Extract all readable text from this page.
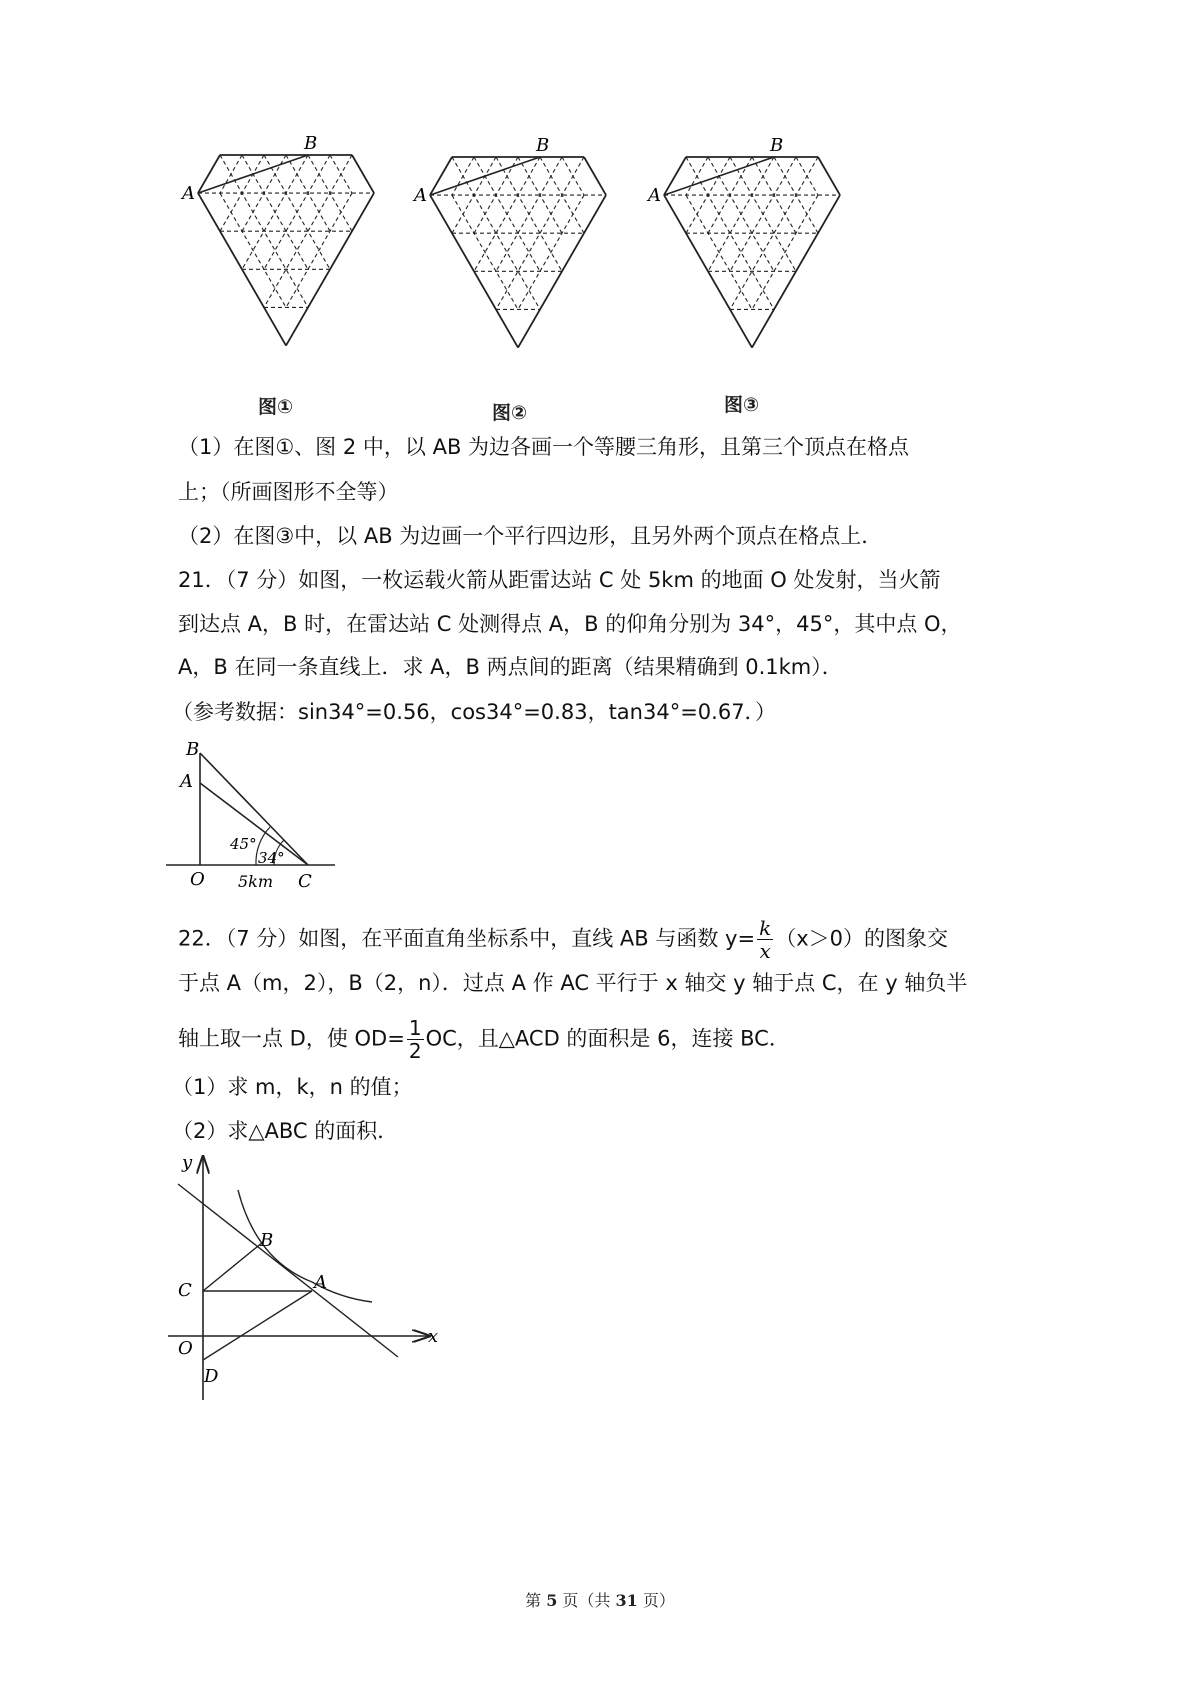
A
B
图①
A
B
图②
A
B
图③
（1）在图①、图 2 中，以 AB 为边各画一个等腰三角形，且第三个顶点在格点
上；（所画图形不全等）
（2）在图③中，以 AB 为边画一个平行四边形，且另外两个顶点在格点上．
21．（7 分）如图，一枚运载火箭从距雷达站 C 处 5km 的地面 O 处发射，当火箭
到达点 A，B 时，在雷达站 C 处测得点 A，B 的仰角分别为 34°，45°，其中点 O，
A，B 在同一条直线上．求 A，B 两点间的距离（结果精确到 0.1km）．
（参考数据：sin34°=0.56，cos34°=0.83，tan34°=0.67．）
B
A
O	C
45°
34°
5km
22．（7 分）如图，在平面直角坐标系中，直线 AB 与函数 $y= \frac{k}{x} (x>0)$的图象交
于点 A（m，2），B（2，n）．过点 A 作 AC 平行于 x 轴交 y 轴于点 C，在 y 轴负半
轴上取一点 D，使 $OD= \frac{1}{2}$ OC，且△ACD 的面积是 6，连接 BC．
（1）求 m，k，n 的值；
（2）求△ABC 的面积．
y
x
O
A
B
C
D
第 5 页（共 31 页）
